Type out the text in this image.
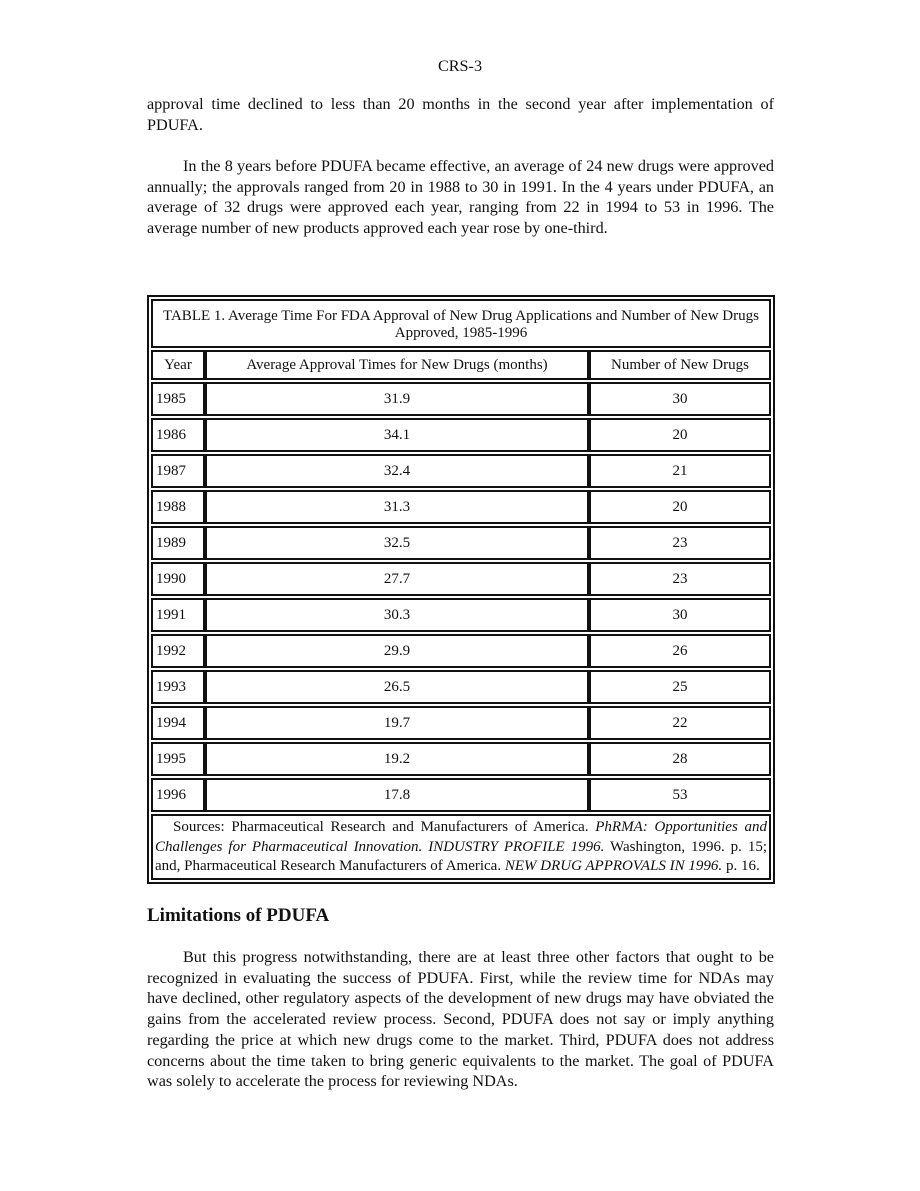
CRS-3

approval time declined to less than 20 months in the second year after implementation of PDUFA.

In the 8 years before PDUFA became effective, an average of 24 new drugs were approved annually; the approvals ranged from 20 in 1988 to 30 in 1991. In the 4 years under PDUFA, an average of 32 drugs were approved each year, ranging from 22 in 1994 to 53 in 1996. The average number of new products approved each year rose by one-third.

TABLE 1. Average Time For FDA Approval of New Drug Applications and Number of New Drugs Approved, 1985-1996		
Year	Average Approval Times for New Drugs (months)	Number of New Drugs
1985	31.9	30
1986	34.1	20
1987	32.4	21
1988	31.3	20
1989	32.5	23
1990	27.7	23
1991	30.3	30
1992	29.9	26
1993	26.5	25
1994	19.7	22
1995	19.2	28
1996	17.8	53
Sources: Pharmaceutical Research and Manufacturers of America. PhRMA: Opportunities and Challenges for Pharmaceutical Innovation. INDUSTRY PROFILE 1996. Washington, 1996. p. 15; and, Pharmaceutical Research Manufacturers of America. NEW DRUG APPROVALS IN 1996. p. 16.		
Limitations of PDUFA

But this progress notwithstanding, there are at least three other factors that ought to be recognized in evaluating the success of PDUFA. First, while the review time for NDAs may have declined, other regulatory aspects of the development of new drugs may have obviated the gains from the accelerated review process. Second, PDUFA does not say or imply anything regarding the price at which new drugs come to the market. Third, PDUFA does not address concerns about the time taken to bring generic equivalents to the market. The goal of PDUFA was solely to accelerate the process for reviewing NDAs.
